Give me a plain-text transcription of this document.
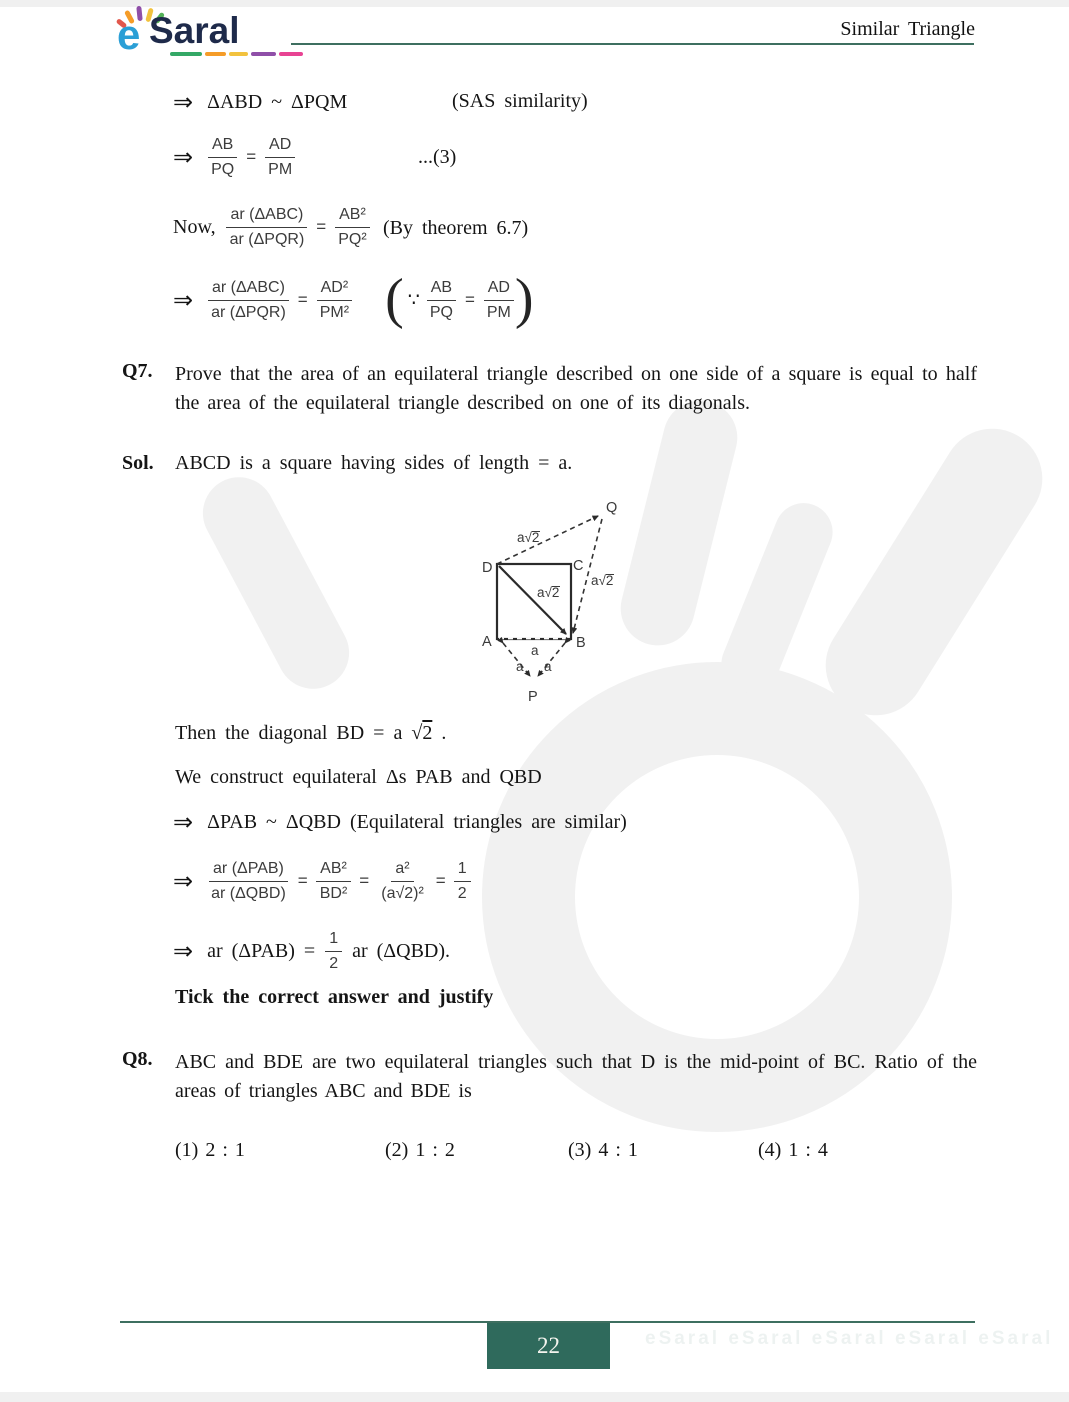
e Saral	Similar Triangle
⇒ ΔABD ~ ΔPQM	(SAS similarity)
⇒ $\frac{AB}{PQ} = \frac{AD}{PM}$	...(3)
Now, $\frac{\text{ar (ΔABC)}}{\text{ar (ΔPQR)}} = \frac{\text{AB²}}{\text{PQ²}} (By$ theorem 6.7)
⇒ $\frac{\text{ar (ΔABC)}}{\text{ar (ΔPQR)}} = \frac{\text{AD²}}{\text{PM²}}$ ( ∵ $\frac{AB}{PQ} = \frac{AD}{PM}$ )
Q7. Prove that the area of an equilateral triangle described on one side of a square is equal to half
the area of the equilateral triangle described on one of its diagonals.
Sol. ABCD is a square having sides of length = a.
Q
D	C
A	B
P
a√2
a√2
a√2
a
a a
Then the diagonal BD = a √2 .
We construct equilateral Δs PAB and QBD
⇒ ΔPAB ~ ΔQBD (Equilateral triangles are similar)
⇒ $\frac{\text{ar (ΔPAB)}}{\text{ar (ΔQBD)}} = \frac{\text{AB²}}{\text{BD²}} = \frac{\text{a²}}{\text{(a√2)²}} = \frac{1}{2}$
⇒ ar $(\Delta PAB) = \frac{1}{2}$ ar (ΔQBD).
Tick the correct answer and justify
Q8. ABC and BDE are two equilateral triangles such that D is the mid-point of BC. Ratio of the
areas of triangles ABC and BDE is
(1) 2 : 1	(2) 1 : 2	(3) 4 : 1	(4) 1 : 4
eSaral eSaral eSaral eSaral eSaral
22
